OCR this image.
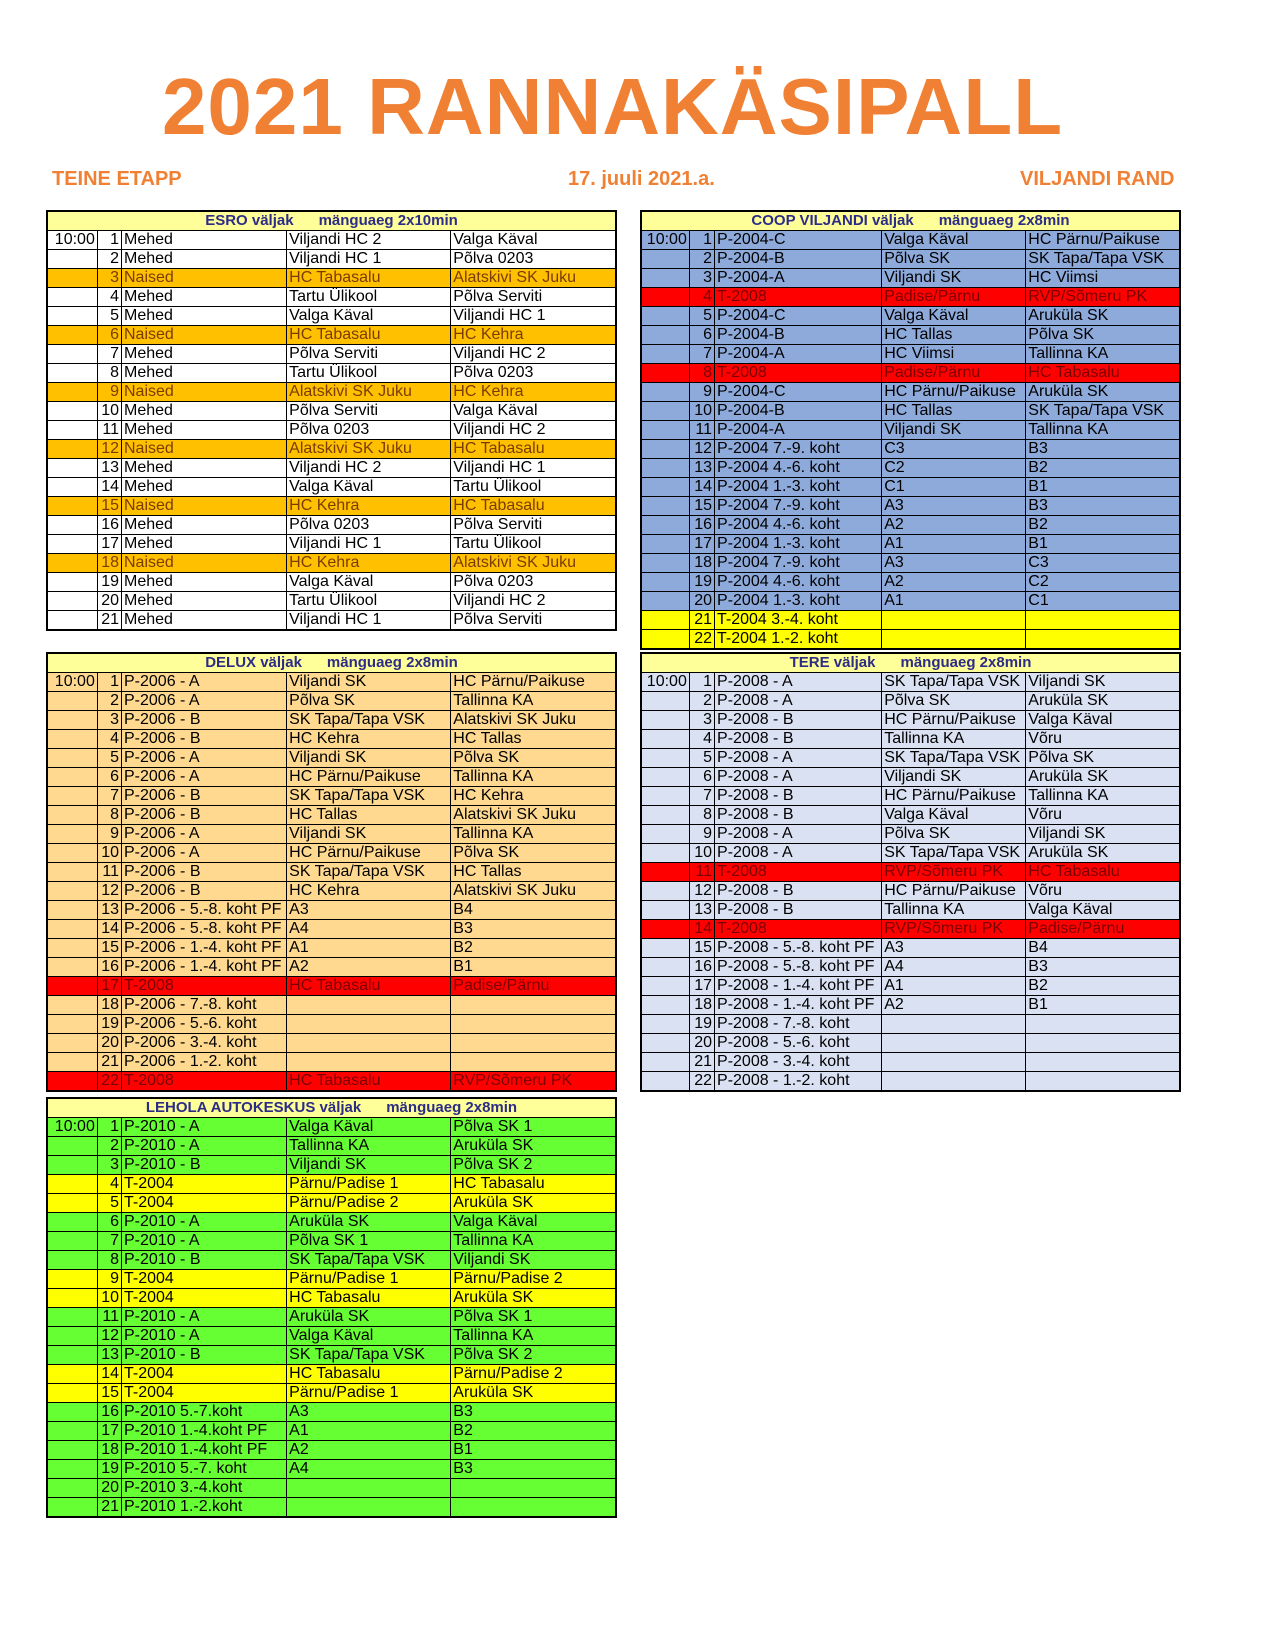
2021 RANNAKÄSIPALL
TEINE ETAPP	17. juuli 2021.a.	VILJANDI RAND
ESRO väljak      mänguaeg 2x10min				
10:00	1	Mehed	Viljandi HC 2	Valga Käval
	2	Mehed	Viljandi HC 1	Põlva 0203
	3	Naised	HC Tabasalu	Alatskivi SK Juku
	4	Mehed	Tartu Ülikool	Põlva Serviti
	5	Mehed	Valga Käval	Viljandi HC 1
	6	Naised	HC Tabasalu	HC Kehra
	7	Mehed	Põlva Serviti	Viljandi HC 2
	8	Mehed	Tartu Ülikool	Põlva 0203
	9	Naised	Alatskivi SK Juku	HC Kehra
	10	Mehed	Põlva Serviti	Valga Käval
	11	Mehed	Põlva 0203	Viljandi HC 2
	12	Naised	Alatskivi SK Juku	HC Tabasalu
	13	Mehed	Viljandi HC 2	Viljandi HC 1
	14	Mehed	Valga Käval	Tartu Ülikool
	15	Naised	HC Kehra	HC Tabasalu
	16	Mehed	Põlva 0203	Põlva Serviti
	17	Mehed	Viljandi HC 1	Tartu Ülikool
	18	Naised	HC Kehra	Alatskivi SK Juku
	19	Mehed	Valga Käval	Põlva 0203
	20	Mehed	Tartu Ülikool	Viljandi HC 2
	21	Mehed	Viljandi HC 1	Põlva Serviti
COOP VILJANDI väljak      mänguaeg 2x8min				
10:00	1	P-2004-C	Valga Käval	HC Pärnu/Paikuse
	2	P-2004-B	Põlva SK	SK Tapa/Tapa VSK
	3	P-2004-A	Viljandi SK	HC Viimsi
	4	T-2008	Padise/Pärnu	RVP/Sõmeru PK
	5	P-2004-C	Valga Käval	Aruküla SK
	6	P-2004-B	HC Tallas	Põlva SK
	7	P-2004-A	HC Viimsi	Tallinna KA
	8	T-2008	Padise/Pärnu	HC Tabasalu
	9	P-2004-C	HC Pärnu/Paikuse	Aruküla SK
	10	P-2004-B	HC Tallas	SK Tapa/Tapa VSK
	11	P-2004-A	Viljandi SK	Tallinna KA
	12	P-2004 7.-9. koht	C3	B3
	13	P-2004 4.-6. koht	C2	B2
	14	P-2004 1.-3. koht	C1	B1
	15	P-2004 7.-9. koht	A3	B3
	16	P-2004 4.-6. koht	A2	B2
	17	P-2004 1.-3. koht	A1	B1
	18	P-2004 7.-9. koht	A3	C3
	19	P-2004 4.-6. koht	A2	C2
	20	P-2004 1.-3. koht	A1	C1
	21	T-2004 3.-4. koht		
	22	T-2004 1.-2. koht		
DELUX väljak      mänguaeg 2x8min				
10:00	1	P-2006 - A	Viljandi SK	HC Pärnu/Paikuse
	2	P-2006 - A	Põlva SK	Tallinna KA
	3	P-2006 - B	SK Tapa/Tapa VSK	Alatskivi SK Juku
	4	P-2006 - B	HC Kehra	HC Tallas
	5	P-2006 - A	Viljandi SK	Põlva SK
	6	P-2006 - A	HC Pärnu/Paikuse	Tallinna KA
	7	P-2006 - B	SK Tapa/Tapa VSK	HC Kehra
	8	P-2006 - B	HC Tallas	Alatskivi SK Juku
	9	P-2006 - A	Viljandi SK	Tallinna KA
	10	P-2006 - A	HC Pärnu/Paikuse	Põlva SK
	11	P-2006 - B	SK Tapa/Tapa VSK	HC Tallas
	12	P-2006 - B	HC Kehra	Alatskivi SK Juku
	13	P-2006 - 5.-8. koht PF	A3	B4
	14	P-2006 - 5.-8. koht PF	A4	B3
	15	P-2006 - 1.-4. koht PF	A1	B2
	16	P-2006 - 1.-4. koht PF	A2	B1
	17	T-2008	HC Tabasalu	Padise/Pärnu
	18	P-2006 - 7.-8. koht		
	19	P-2006 - 5.-6. koht		
	20	P-2006 - 3.-4. koht		
	21	P-2006 - 1.-2. koht		
	22	T-2008	HC Tabasalu	RVP/Sõmeru PK
TERE väljak      mänguaeg 2x8min				
10:00	1	P-2008 - A	SK Tapa/Tapa VSK	Viljandi SK
	2	P-2008 - A	Põlva SK	Aruküla SK
	3	P-2008 - B	HC Pärnu/Paikuse	Valga Käval
	4	P-2008 - B	Tallinna KA	Võru
	5	P-2008 - A	SK Tapa/Tapa VSK	Põlva SK
	6	P-2008 - A	Viljandi SK	Aruküla SK
	7	P-2008 - B	HC Pärnu/Paikuse	Tallinna KA
	8	P-2008 - B	Valga Käval	Võru
	9	P-2008 - A	Põlva SK	Viljandi SK
	10	P-2008 - A	SK Tapa/Tapa VSK	Aruküla SK
	11	T-2008	RVP/Sõmeru PK	HC Tabasalu
	12	P-2008 - B	HC Pärnu/Paikuse	Võru
	13	P-2008 - B	Tallinna KA	Valga Käval
	14	T-2008	RVP/Sõmeru PK	Padise/Pärnu
	15	P-2008 - 5.-8. koht PF	A3	B4
	16	P-2008 - 5.-8. koht PF	A4	B3
	17	P-2008 - 1.-4. koht PF	A1	B2
	18	P-2008 - 1.-4. koht PF	A2	B1
	19	P-2008 - 7.-8. koht		
	20	P-2008 - 5.-6. koht		
	21	P-2008 - 3.-4. koht		
	22	P-2008 - 1.-2. koht		
LEHOLA AUTOKESKUS väljak      mänguaeg 2x8min				
10:00	1	P-2010 - A	Valga Käval	Põlva SK 1
	2	P-2010 - A	Tallinna KA	Aruküla SK
	3	P-2010 - B	Viljandi SK	Põlva SK 2
	4	T-2004	Pärnu/Padise 1	HC Tabasalu
	5	T-2004	Pärnu/Padise 2	Aruküla SK
	6	P-2010 - A	Aruküla SK	Valga Käval
	7	P-2010 - A	Põlva SK 1	Tallinna KA
	8	P-2010 - B	SK Tapa/Tapa VSK	Viljandi SK
	9	T-2004	Pärnu/Padise 1	Pärnu/Padise 2
	10	T-2004	HC Tabasalu	Aruküla SK
	11	P-2010 - A	Aruküla SK	Põlva SK 1
	12	P-2010 - A	Valga Käval	Tallinna KA
	13	P-2010 - B	SK Tapa/Tapa VSK	Põlva SK 2
	14	T-2004	HC Tabasalu	Pärnu/Padise 2
	15	T-2004	Pärnu/Padise 1	Aruküla SK
	16	P-2010 5.-7.koht	A3	B3
	17	P-2010 1.-4.koht PF	A1	B2
	18	P-2010 1.-4.koht PF	A2	B1
	19	P-2010 5.-7. koht	A4	B3
	20	P-2010 3.-4.koht		
	21	P-2010 1.-2.koht		
